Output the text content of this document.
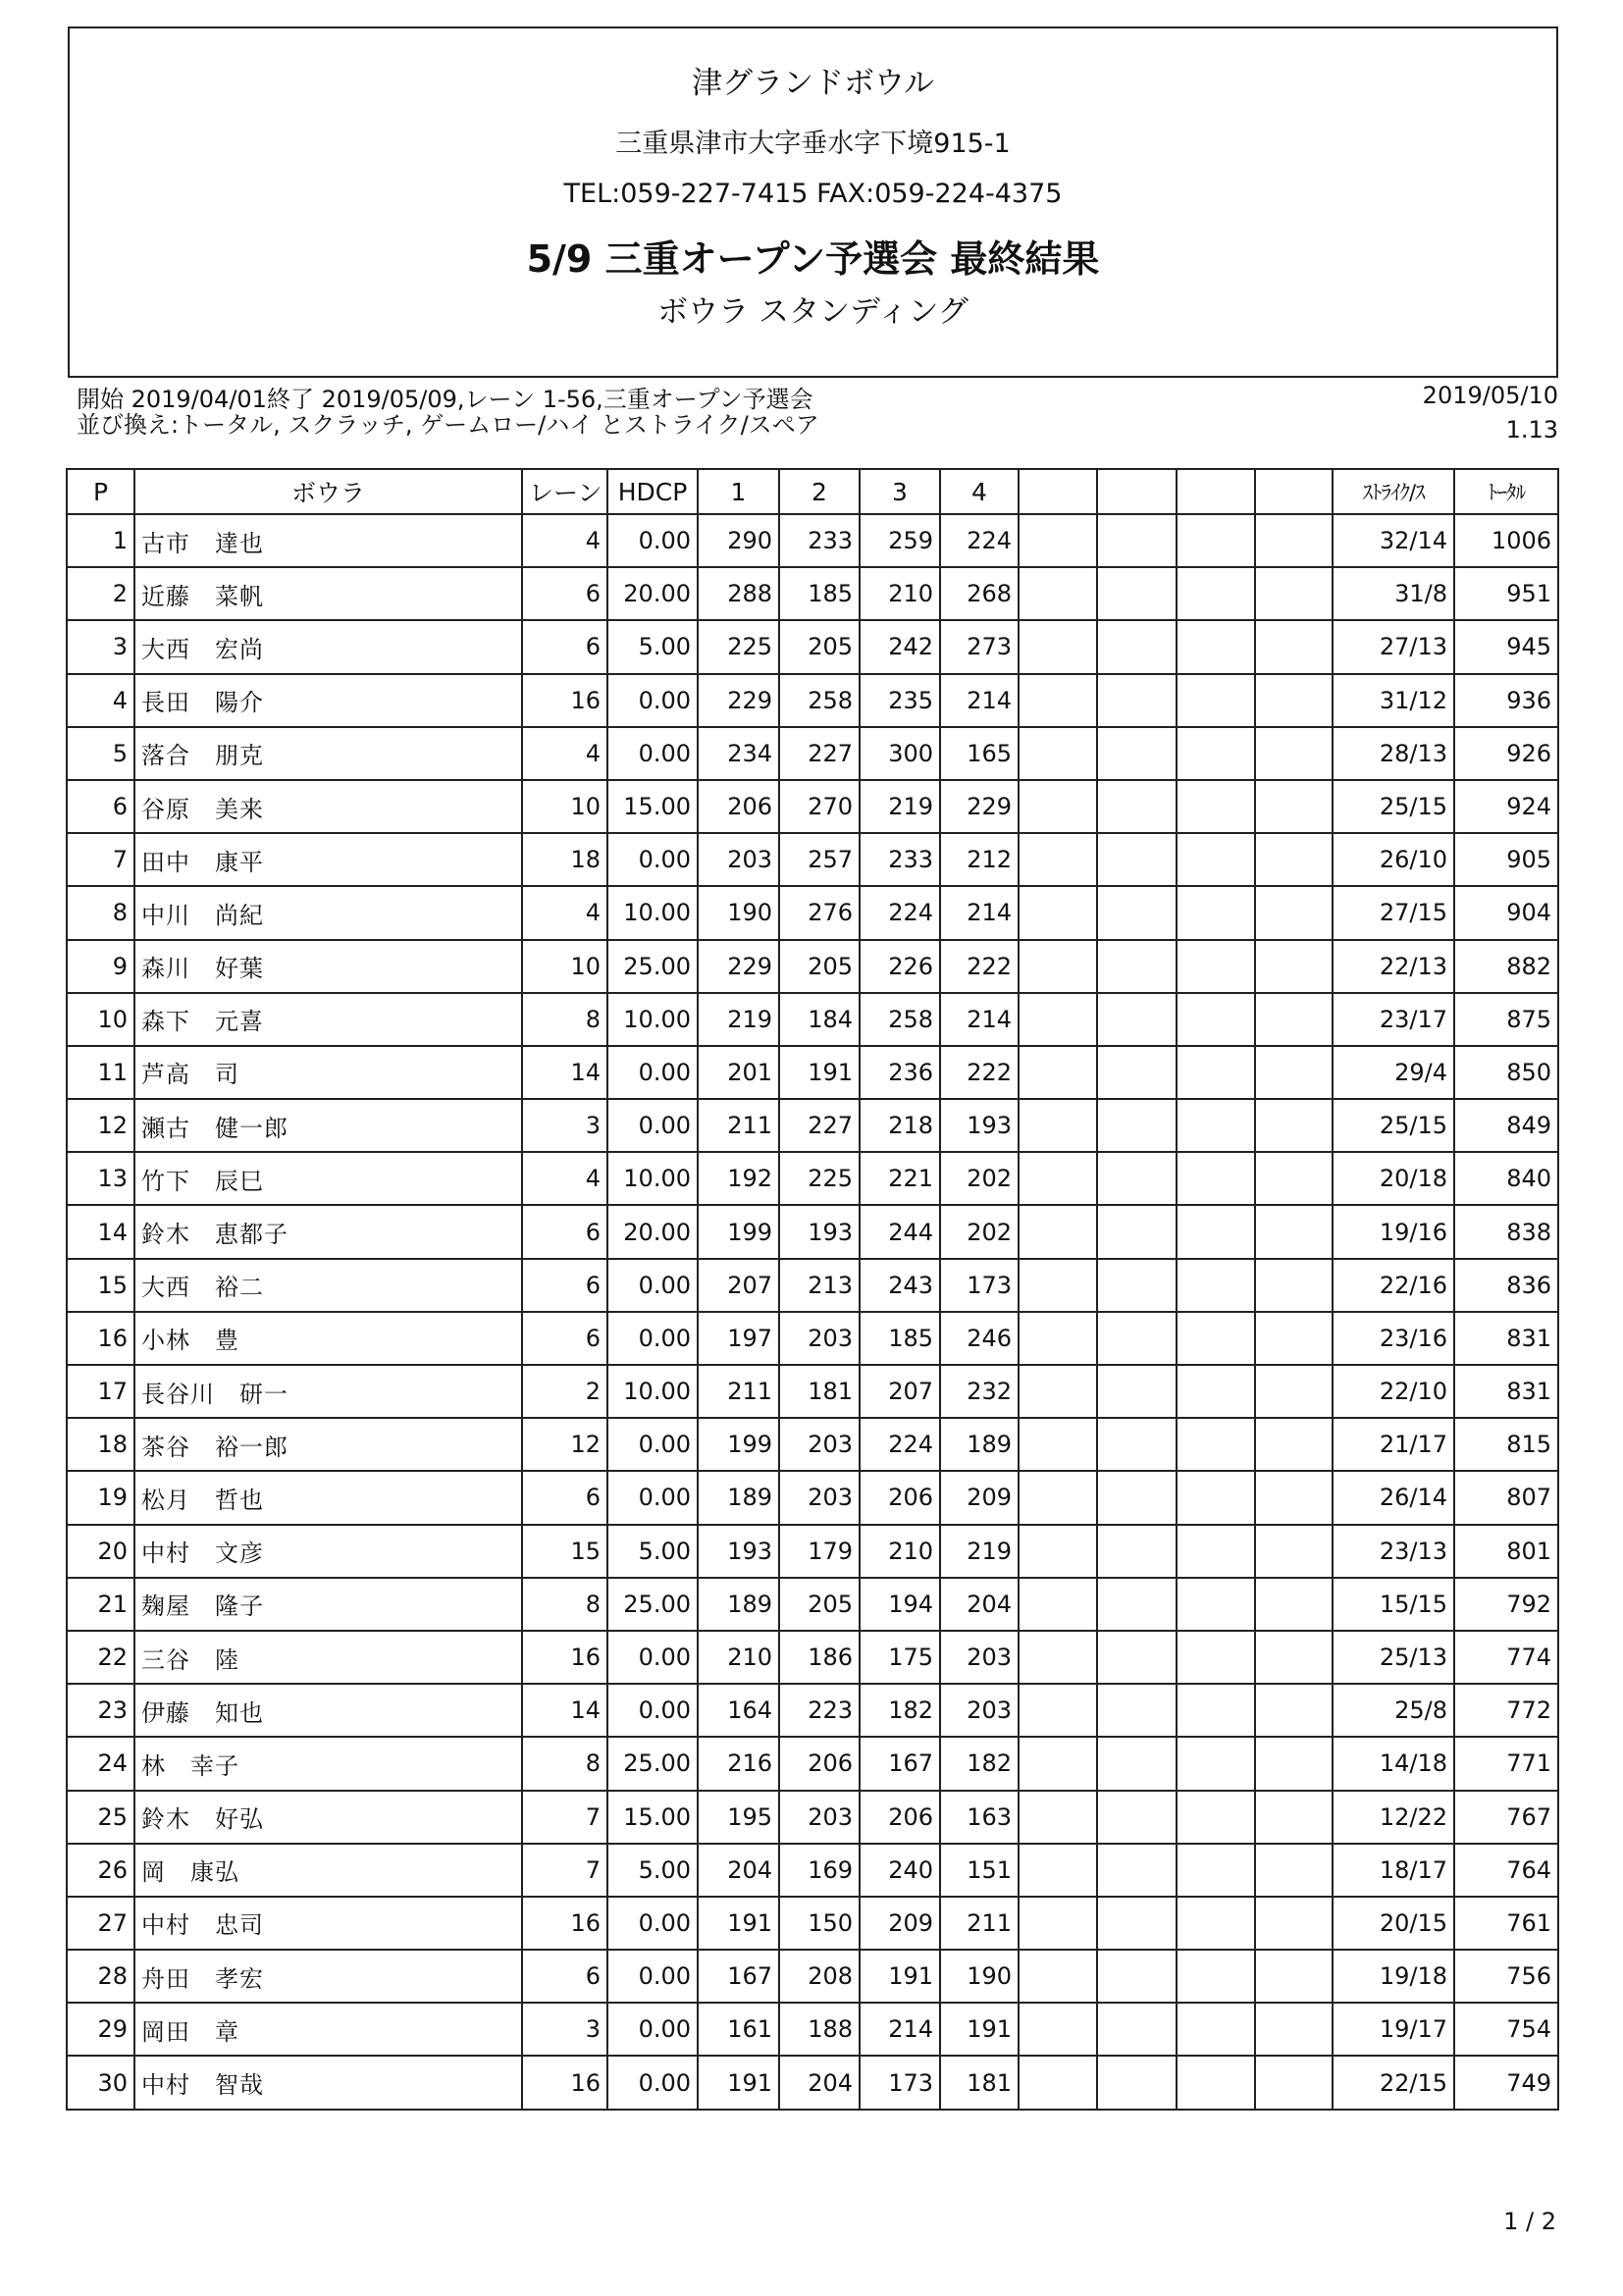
津グランドボウル
三重県津市大字垂水字下境915-1
TEL:059-227-7415 FAX:059-224-4375
5/9 三重オープン予選会 最終結果
ボウラ スタンディング
開始 2019/04/01終了 2019/05/09,レーン 1-56,三重オープン予選会
並び換え:トータル, スクラッチ, ゲームロー/ハイ とストライク/スペア
2019/05/10
1.13
P	ボウラ	レーン	HDCP	1	2	3	4					ｽﾄﾗｲｸ/ｽ	ﾄｰﾀﾙ
1	古市　達也	4	0.00	290	233	259	224					32/14	1006
2	近藤　菜帆	6	20.00	288	185	210	268					31/8	951
3	大西　宏尚	6	5.00	225	205	242	273					27/13	945
4	長田　陽介	16	0.00	229	258	235	214					31/12	936
5	落合　朋克	4	0.00	234	227	300	165					28/13	926
6	谷原　美来	10	15.00	206	270	219	229					25/15	924
7	田中　康平	18	0.00	203	257	233	212					26/10	905
8	中川　尚紀	4	10.00	190	276	224	214					27/15	904
9	森川　好葉	10	25.00	229	205	226	222					22/13	882
10	森下　元喜	8	10.00	219	184	258	214					23/17	875
11	芦高　司	14	0.00	201	191	236	222					29/4	850
12	瀬古　健一郎	3	0.00	211	227	218	193					25/15	849
13	竹下　辰巳	4	10.00	192	225	221	202					20/18	840
14	鈴木　恵都子	6	20.00	199	193	244	202					19/16	838
15	大西　裕二	6	0.00	207	213	243	173					22/16	836
16	小林　豊	6	0.00	197	203	185	246					23/16	831
17	長谷川　研一	2	10.00	211	181	207	232					22/10	831
18	茶谷　裕一郎	12	0.00	199	203	224	189					21/17	815
19	松月　哲也	6	0.00	189	203	206	209					26/14	807
20	中村　文彦	15	5.00	193	179	210	219					23/13	801
21	麹屋　隆子	8	25.00	189	205	194	204					15/15	792
22	三谷　陸	16	0.00	210	186	175	203					25/13	774
23	伊藤　知也	14	0.00	164	223	182	203					25/8	772
24	林　幸子	8	25.00	216	206	167	182					14/18	771
25	鈴木　好弘	7	15.00	195	203	206	163					12/22	767
26	岡　康弘	7	5.00	204	169	240	151					18/17	764
27	中村　忠司	16	0.00	191	150	209	211					20/15	761
28	舟田　孝宏	6	0.00	167	208	191	190					19/18	756
29	岡田　章	3	0.00	161	188	214	191					19/17	754
30	中村　智哉	16	0.00	191	204	173	181					22/15	749
1 / 2
